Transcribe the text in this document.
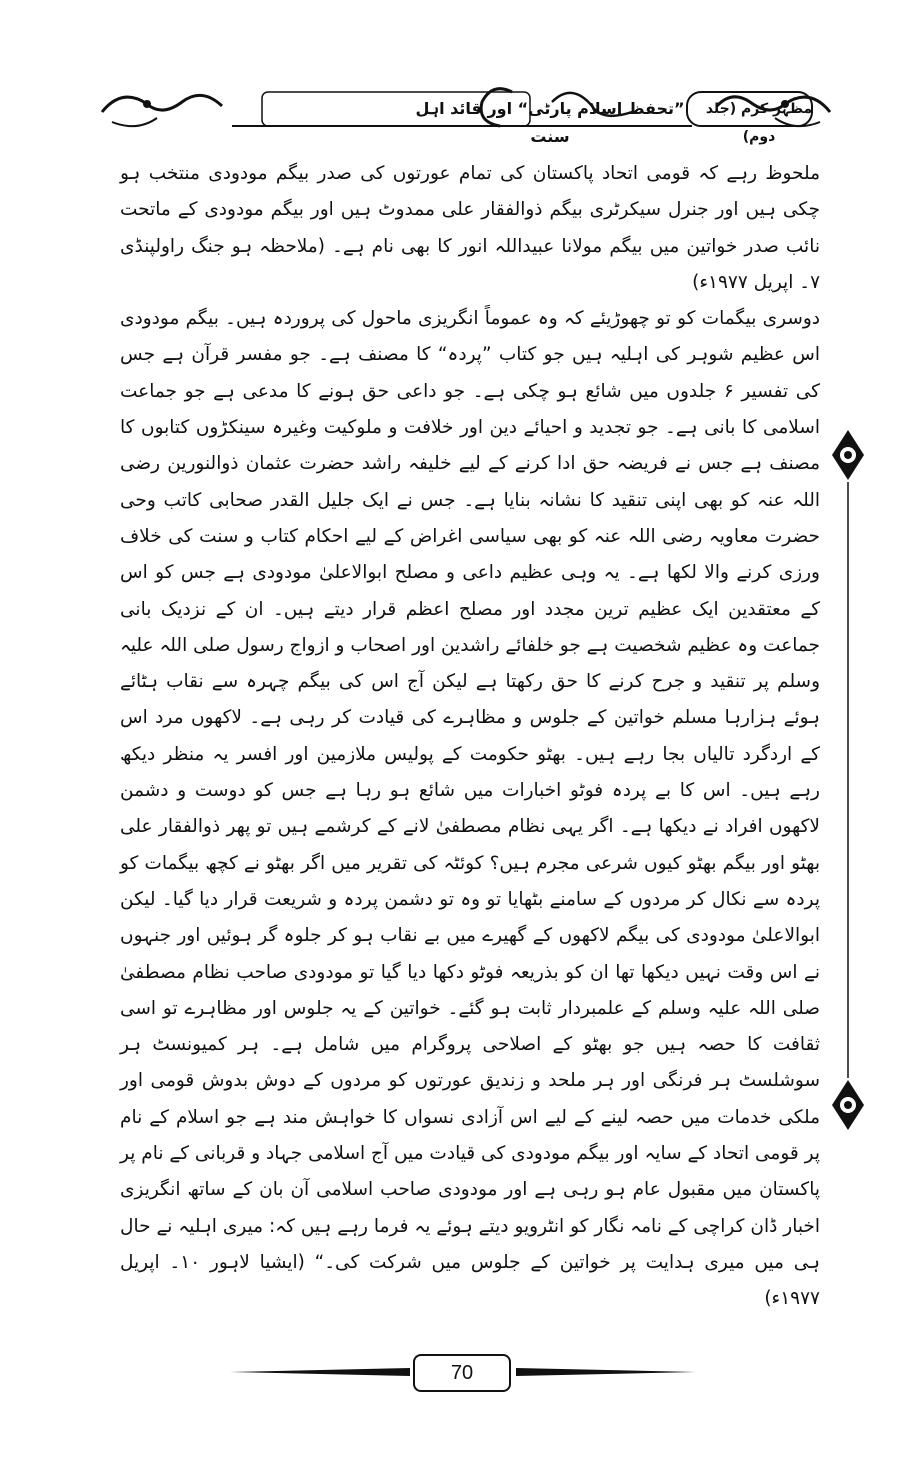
”تحفظ اسلام پارٹی“ اور قائد اہل سنت
مظہر کرم (جلد دوم)

ملحوظ رہے کہ قومی اتحاد پاکستان کی تمام عورتوں کی صدر بیگم مودودی منتخب ہو چکی ہیں اور جنرل سیکرٹری بیگم ذوالفقار علی ممدوٹ ہیں اور بیگم مودودی کے ماتحت نائب صدر خواتین میں بیگم مولانا عبیداللہ انور کا بھی نام ہے۔ (ملاحظہ ہو جنگ راولپنڈی ۷۔ اپریل ۱۹۷۷ء)

دوسری بیگمات کو تو چھوڑیئے کہ وہ عموماً انگریزی ماحول کی پروردہ ہیں۔ بیگم مودودی اس عظیم شوہر کی اہلیہ ہیں جو کتاب ”پردہ“ کا مصنف ہے۔ جو مفسر قرآن ہے جس کی تفسیر ۶ جلدوں میں شائع ہو چکی ہے۔ جو داعی حق ہونے کا مدعی ہے جو جماعت اسلامی کا بانی ہے۔ جو تجدید و احیائے دین اور خلافت و ملوکیت وغیرہ سینکڑوں کتابوں کا مصنف ہے جس نے فریضہ حق ادا کرنے کے لیے خلیفہ راشد حضرت عثمان ذوالنورین رضی اللہ عنہ کو بھی اپنی تنقید کا نشانہ بنایا ہے۔ جس نے ایک جلیل القدر صحابی کاتب وحی حضرت معاویہ رضی اللہ عنہ کو بھی سیاسی اغراض کے لیے احکام کتاب و سنت کی خلاف ورزی کرنے والا لکھا ہے۔ یہ وہی عظیم داعی و مصلح ابوالاعلیٰ مودودی ہے جس کو اس کے معتقدین ایک عظیم ترین مجدد اور مصلح اعظم قرار دیتے ہیں۔ ان کے نزدیک بانی جماعت وہ عظیم شخصیت ہے جو خلفائے راشدین اور اصحاب و ازواج رسول صلی اللہ علیہ وسلم پر تنقید و جرح کرنے کا حق رکھتا ہے لیکن آج اس کی بیگم چہرہ سے نقاب ہٹائے ہوئے ہزارہا مسلم خواتین کے جلوس و مظاہرے کی قیادت کر رہی ہے۔ لاکھوں مرد اس کے اردگرد تالیاں بجا رہے ہیں۔ بھٹو حکومت کے پولیس ملازمین اور افسر یہ منظر دیکھ رہے ہیں۔ اس کا بے پردہ فوٹو اخبارات میں شائع ہو رہا ہے جس کو دوست و دشمن لاکھوں افراد نے دیکھا ہے۔ اگر یہی نظام مصطفیٰ لانے کے کرشمے ہیں تو پھر ذوالفقار علی بھٹو اور بیگم بھٹو کیوں شرعی مجرم ہیں؟ کوئٹہ کی تقریر میں اگر بھٹو نے کچھ بیگمات کو پردہ سے نکال کر مردوں کے سامنے بٹھایا تو وہ تو دشمن پردہ و شریعت قرار دیا گیا۔ لیکن ابوالاعلیٰ مودودی کی بیگم لاکھوں کے گھیرے میں بے نقاب ہو کر جلوہ گر ہوئیں اور جنہوں نے اس وقت نہیں دیکھا تھا ان کو بذریعہ فوٹو دکھا دیا گیا تو مودودی صاحب نظام مصطفیٰ صلی اللہ علیہ وسلم کے علمبردار ثابت ہو گئے۔ خواتین کے یہ جلوس اور مظاہرے تو اسی ثقافت کا حصہ ہیں جو بھٹو کے اصلاحی پروگرام میں شامل ہے۔ ہر کمیونسٹ ہر سوشلسٹ ہر فرنگی اور ہر ملحد و زندیق عورتوں کو مردوں کے دوش بدوش قومی اور ملکی خدمات میں حصہ لینے کے لیے اس آزادی نسواں کا خواہش مند ہے جو اسلام کے نام پر قومی اتحاد کے سایہ اور بیگم مودودی کی قیادت میں آج اسلامی جہاد و قربانی کے نام پر پاکستان میں مقبول عام ہو رہی ہے اور مودودی صاحب اسلامی آن بان کے ساتھ انگریزی اخبار ڈان کراچی کے نامہ نگار کو انٹرویو دیتے ہوئے یہ فرما رہے ہیں کہ: میری اہلیہ نے حال ہی میں میری ہدایت پر خواتین کے جلوس میں شرکت کی۔“ (ایشیا لاہور ۱۰۔ اپریل ۱۹۷۷ء)

70
